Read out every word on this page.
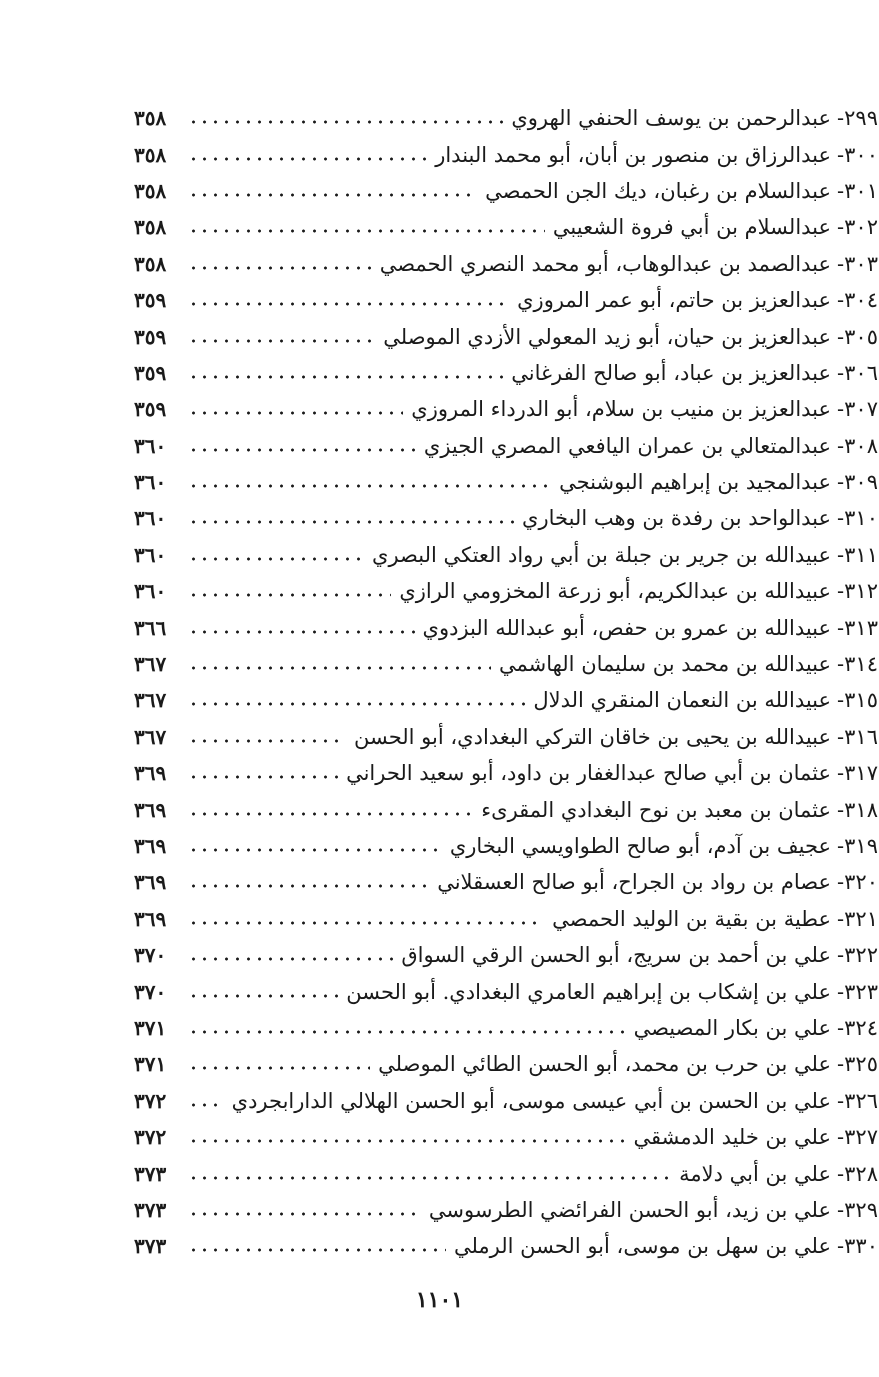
٢٩٩-
عبدالرحمن بن يوسف الحنفي الهروي
٣٥٨
٣٠٠-
عبدالرزاق بن منصور بن أبان، أبو محمد البندار
٣٥٨
٣٠١-
عبدالسلام بن رغبان، ديك الجن الحمصي
٣٥٨
٣٠٢-
عبدالسلام بن أبي فروة الشعيبي
٣٥٨
٣٠٣-
عبدالصمد بن عبدالوهاب، أبو محمد النصري الحمصي
٣٥٨
٣٠٤-
عبدالعزيز بن حاتم، أبو عمر المروزي
٣٥٩
٣٠٥-
عبدالعزيز بن حيان، أبو زيد المعولي الأزدي الموصلي
٣٥٩
٣٠٦-
عبدالعزيز بن عباد، أبو صالح الفرغاني
٣٥٩
٣٠٧-
عبدالعزيز بن منيب بن سلام، أبو الدرداء المروزي
٣٥٩
٣٠٨-
عبدالمتعالي بن عمران اليافعي المصري الجيزي
٣٦٠
٣٠٩-
عبدالمجيد بن إبراهيم البوشنجي
٣٦٠
٣١٠-
عبدالواحد بن رفدة بن وهب البخاري
٣٦٠
٣١١-
عبيدالله بن جرير بن جبلة بن أبي رواد العتكي البصري
٣٦٠
٣١٢-
عبيدالله بن عبدالكريم، أبو زرعة المخزومي الرازي
٣٦٠
٣١٣-
عبيدالله بن عمرو بن حفص، أبو عبدالله البزدوي
٣٦٦
٣١٤-
عبيدالله بن محمد بن سليمان الهاشمي
٣٦٧
٣١٥-
عبيدالله بن النعمان المنقري الدلال
٣٦٧
٣١٦-
عبيدالله بن يحيى بن خاقان التركي البغدادي، أبو الحسن
٣٦٧
٣١٧-
عثمان بن أبي صالح عبدالغفار بن داود، أبو سعيد الحراني
٣٦٩
٣١٨-
عثمان بن معبد بن نوح البغدادي المقرىء
٣٦٩
٣١٩-
عجيف بن آدم، أبو صالح الطواويسي البخاري
٣٦٩
٣٢٠-
عصام بن رواد بن الجراح، أبو صالح العسقلاني
٣٦٩
٣٢١-
عطية بن بقية بن الوليد الحمصي
٣٦٩
٣٢٢-
علي بن أحمد بن سريج، أبو الحسن الرقي السواق
٣٧٠
٣٢٣-
علي بن إشكاب بن إبراهيم العامري البغدادي. أبو الحسن
٣٧٠
٣٢٤-
علي بن بكار المصيصي
٣٧١
٣٢٥-
علي بن حرب بن محمد، أبو الحسن الطائي الموصلي
٣٧١
٣٢٦-
علي بن الحسن بن أبي عيسى موسى، أبو الحسن الهلالي الدارابجردي
٣٧٢
٣٢٧-
علي بن خليد الدمشقي
٣٧٢
٣٢٨-
علي بن أبي دلامة
٣٧٣
٣٢٩-
علي بن زيد، أبو الحسن الفرائضي الطرسوسي
٣٧٣
٣٣٠-
علي بن سهل بن موسى، أبو الحسن الرملي
٣٧٣
١١٠١
